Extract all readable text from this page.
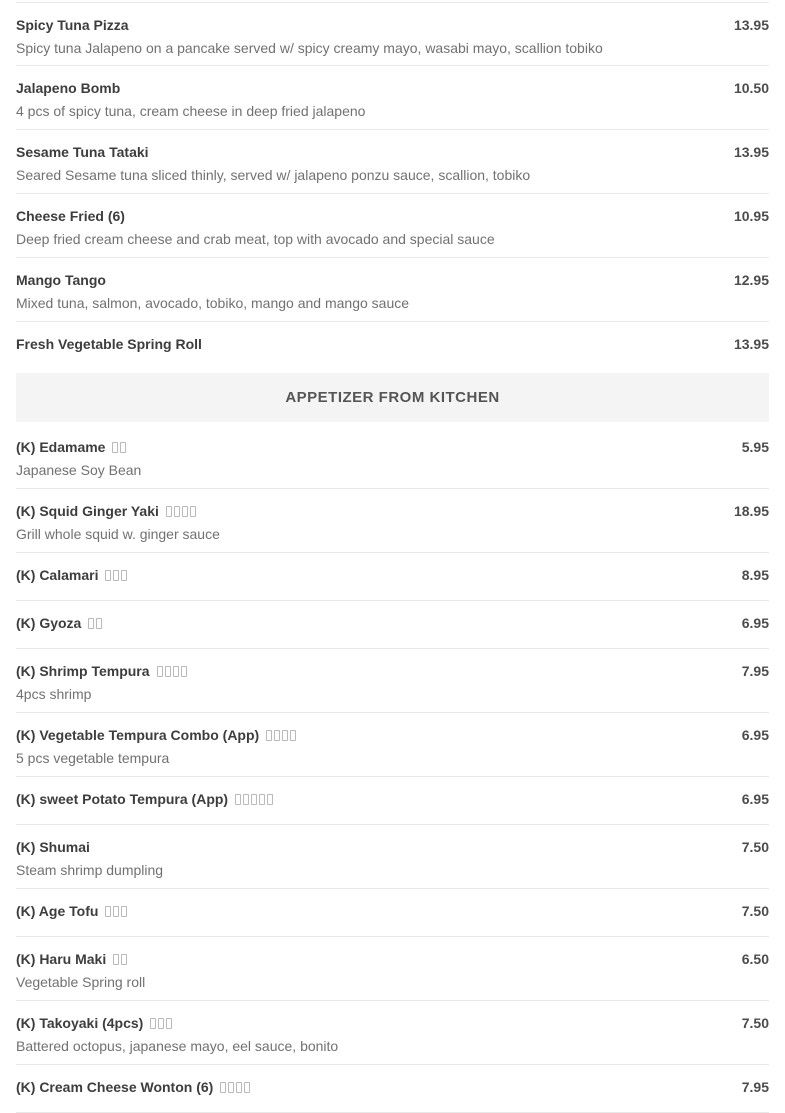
Spicy Tuna Pizza	13.95
Spicy tuna Jalapeno on a pancake served w/ spicy creamy mayo, wasabi mayo, scallion tobiko
Jalapeno Bomb	10.50
4 pcs of spicy tuna, cream cheese in deep fried jalapeno
Sesame Tuna Tataki	13.95
Seared Sesame tuna sliced thinly, served w/ jalapeno ponzu sauce, scallion, tobiko
Cheese Fried (6)	10.95
Deep fried cream cheese and crab meat, top with avocado and special sauce
Mango Tango	12.95
Mixed tuna, salmon, avocado, tobiko, mango and mango sauce
Fresh Vegetable Spring Roll	13.95
APPETIZER FROM KITCHEN
(K) Edamame	5.95
Japanese Soy Bean
(K) Squid Ginger Yaki	18.95
Grill whole squid w. ginger sauce
(K) Calamari	8.95
(K) Gyoza	6.95
(K) Shrimp Tempura	7.95
4pcs shrimp
(K) Vegetable Tempura Combo (App)	6.95
5 pcs vegetable tempura
(K) sweet Potato Tempura (App)	6.95
(K) Shumai	7.50
Steam shrimp dumpling
(K) Age Tofu	7.50
(K) Haru Maki	6.50
Vegetable Spring roll
(K) Takoyaki (4pcs)	7.50
Battered octopus, japanese mayo, eel sauce, bonito
(K) Cream Cheese Wonton (6)	7.95
